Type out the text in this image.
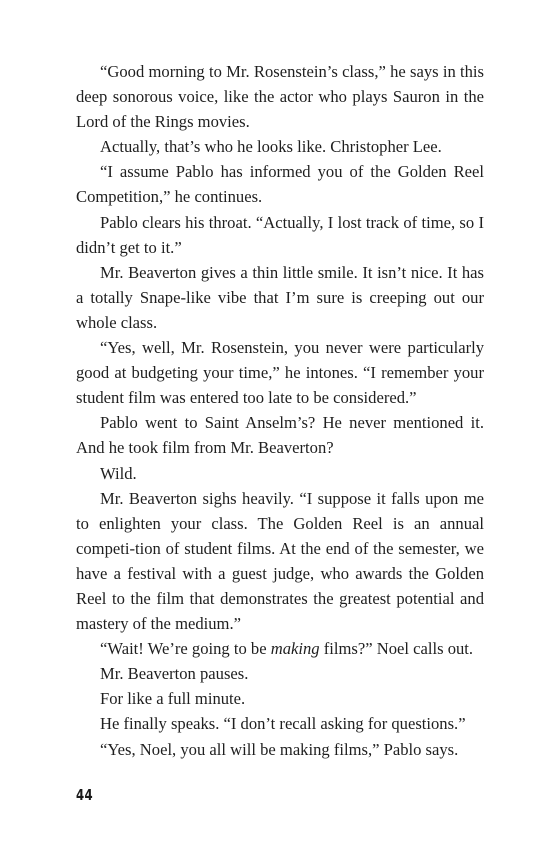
“Good morning to Mr. Rosenstein’s class,” he says in this deep sonorous voice, like the actor who plays Sauron in the Lord of the Rings movies.

Actually, that’s who he looks like. Christopher Lee.

“I assume Pablo has informed you of the Golden Reel Competition,” he continues.

Pablo clears his throat. “Actually, I lost track of time, so I didn’t get to it.”

Mr. Beaverton gives a thin little smile. It isn’t nice. It has a totally Snape-like vibe that I’m sure is creeping out our whole class.

“Yes, well, Mr. Rosenstein, you never were particularly good at budgeting your time,” he intones. “I remember your student film was entered too late to be considered.”

Pablo went to Saint Anselm’s? He never mentioned it. And he took film from Mr. Beaverton?

Wild.

Mr. Beaverton sighs heavily. “I suppose it falls upon me to enlighten your class. The Golden Reel is an annual competi-tion of student films. At the end of the semester, we have a festival with a guest judge, who awards the Golden Reel to the film that demonstrates the greatest potential and mastery of the medium.”

“Wait! We’re going to be making films?” Noel calls out.

Mr. Beaverton pauses.

For like a full minute.

He finally speaks. “I don’t recall asking for questions.”

“Yes, Noel, you all will be making films,” Pablo says.

44
